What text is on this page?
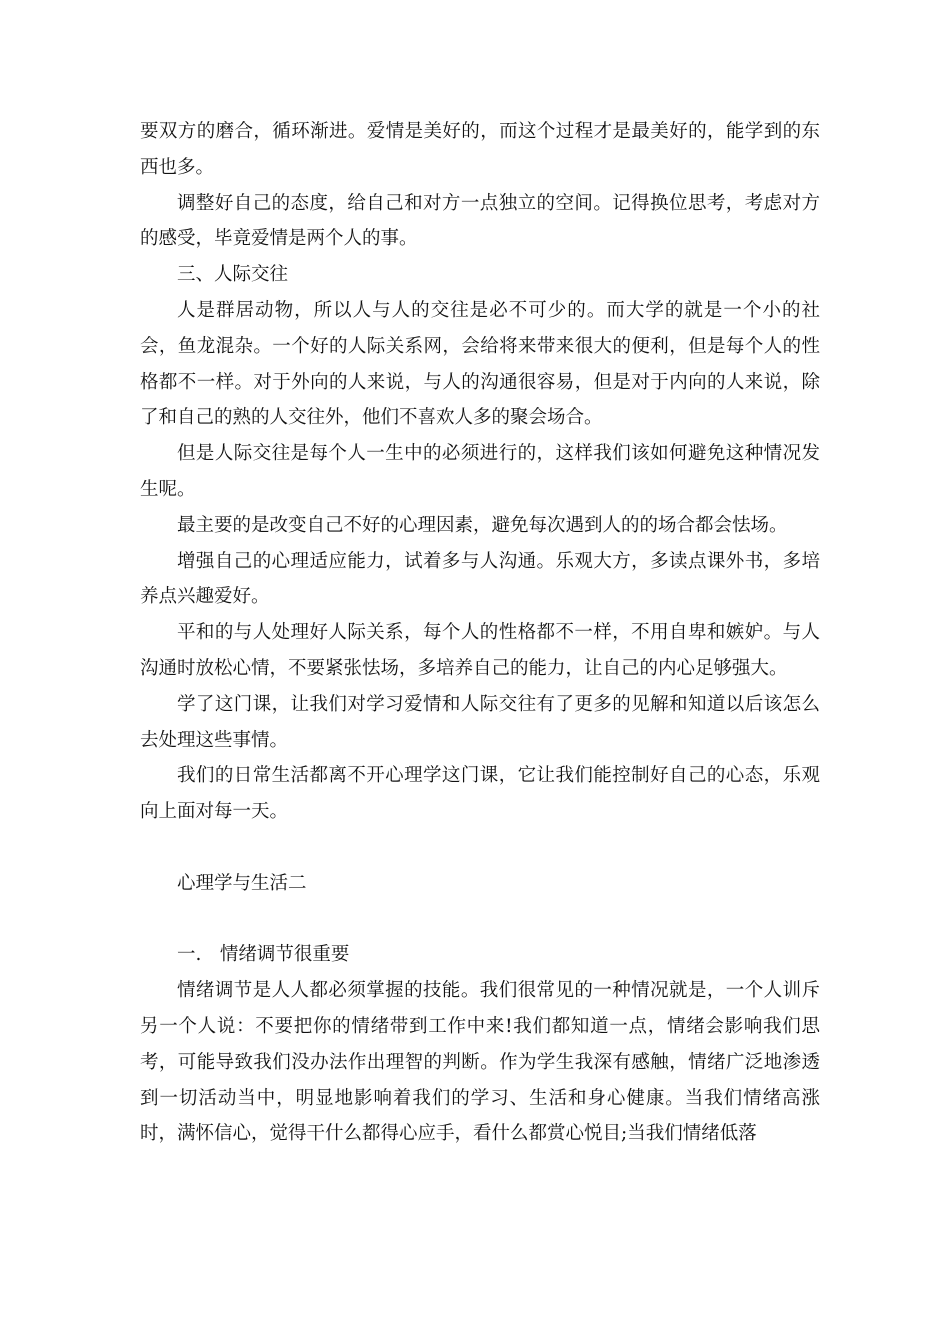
要双方的磨合，循环渐进。爱情是美好的，而这个过程才是最美好的，能学到的东西也多。

调整好自己的态度，给自己和对方一点独立的空间。记得换位思考，考虑对方的感受，毕竟爱情是两个人的事。

三、人际交往

人是群居动物，所以人与人的交往是必不可少的。而大学的就是一个小的社会，鱼龙混杂。一个好的人际关系网，会给将来带来很大的便利，但是每个人的性格都不一样。对于外向的人来说，与人的沟通很容易，但是对于内向的人来说，除了和自己的熟的人交往外，他们不喜欢人多的聚会场合。

但是人际交往是每个人一生中的必须进行的，这样我们该如何避免这种情况发生呢。

最主要的是改变自己不好的心理因素，避免每次遇到人的的场合都会怯场。

增强自己的心理适应能力，试着多与人沟通。乐观大方，多读点课外书，多培养点兴趣爱好。

平和的与人处理好人际关系，每个人的性格都不一样，不用自卑和嫉妒。与人沟通时放松心情，不要紧张怯场，多培养自己的能力，让自己的内心足够强大。

学了这门课，让我们对学习爱情和人际交往有了更多的见解和知道以后该怎么去处理这些事情。

我们的日常生活都离不开心理学这门课，它让我们能控制好自己的心态，乐观向上面对每一天。

心理学与生活二

一.　情绪调节很重要

情绪调节是人人都必须掌握的技能。我们很常见的一种情况就是，一个人训斥另一个人说：不要把你的情绪带到工作中来!我们都知道一点，情绪会影响我们思考，可能导致我们没办法作出理智的判断。作为学生我深有感触，情绪广泛地渗透到一切活动当中，明显地影响着我们的学习、生活和身心健康。当我们情绪高涨时，满怀信心，觉得干什么都得心应手，看什么都赏心悦目;当我们情绪低落
